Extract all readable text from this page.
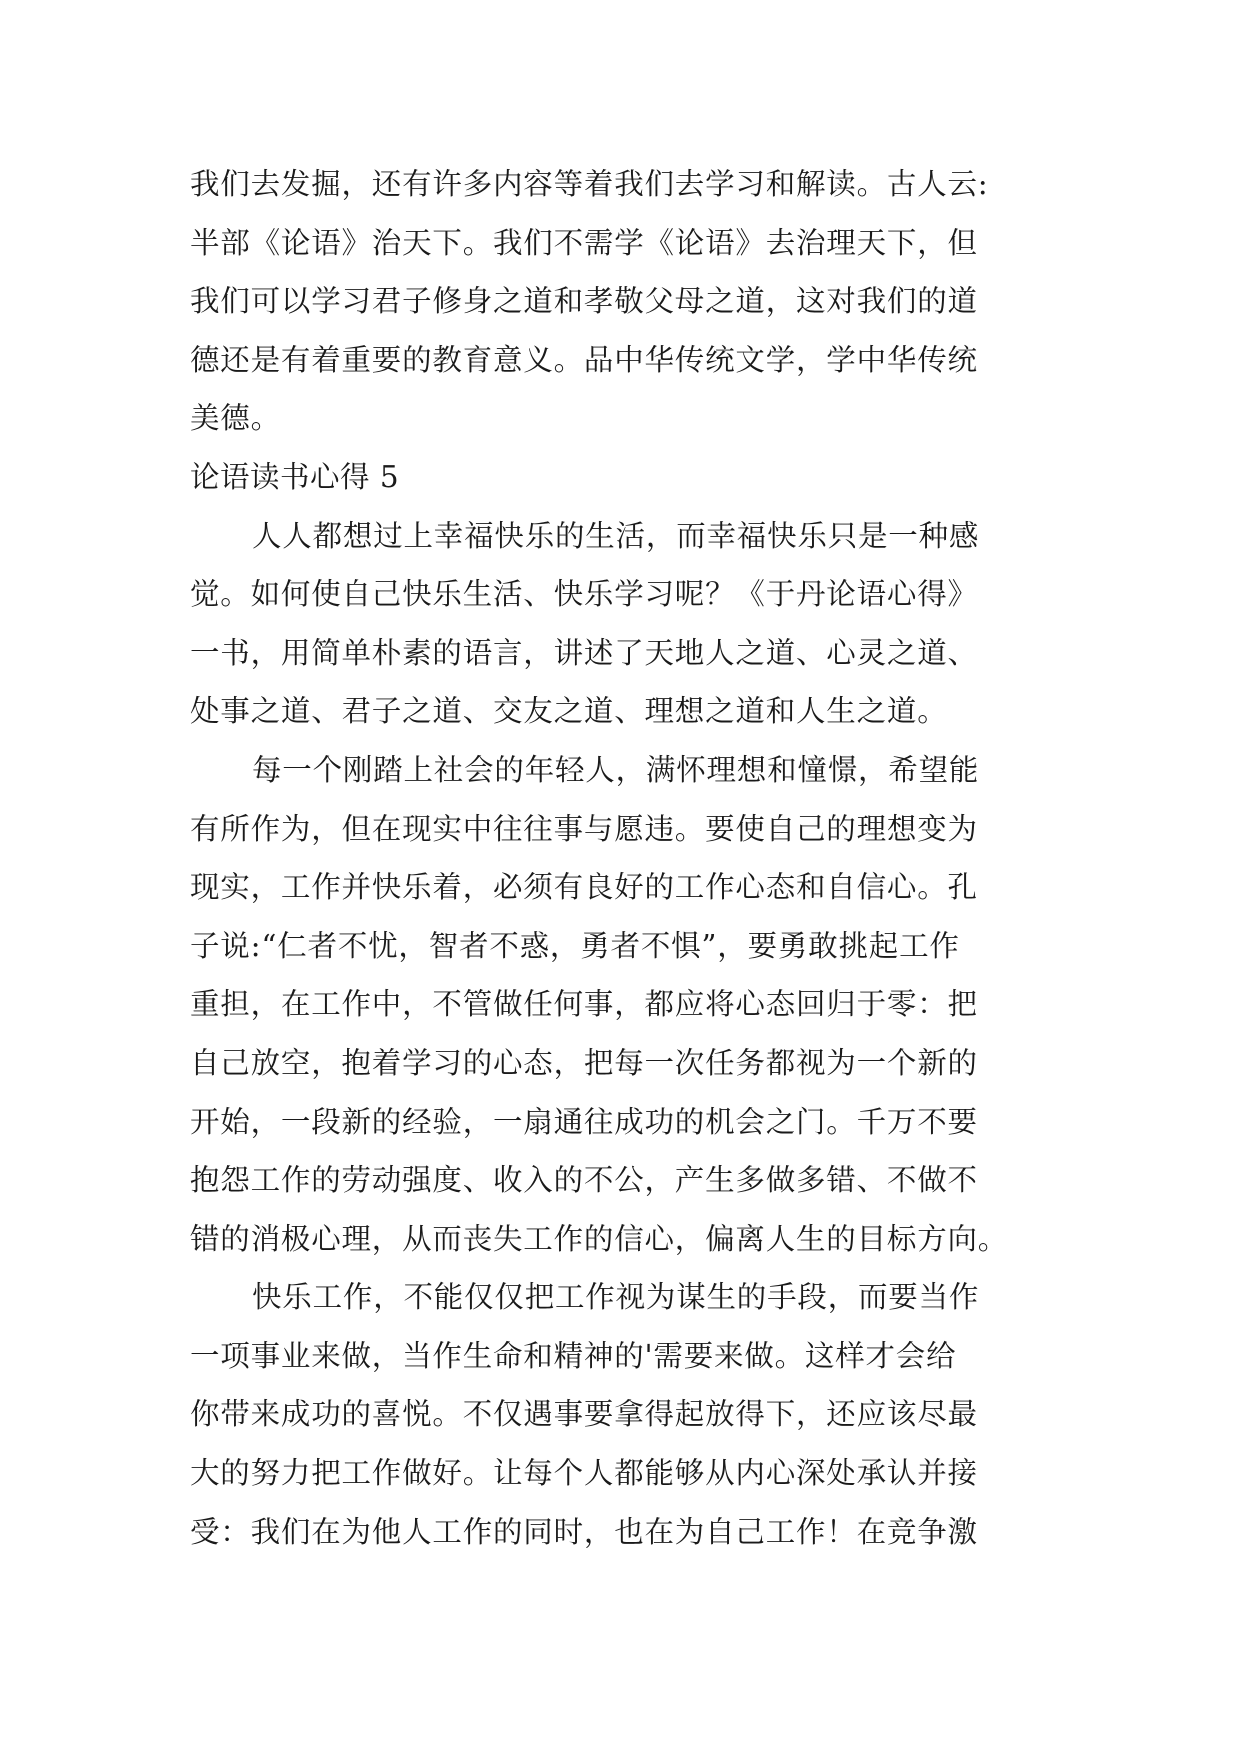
我们去发掘，还有许多内容等着我们去学习和解读。古人云:
半部《论语》治天下。我们不需学《论语》去治理天下，但
我们可以学习君子修身之道和孝敬父母之道，这对我们的道
德还是有着重要的教育意义。品中华传统文学，学中华传统
美德。
论语读书心得 5
人人都想过上幸福快乐的生活，而幸福快乐只是一种感
觉。如何使自己快乐生活、快乐学习呢？《于丹论语心得》
一书，用简单朴素的语言，讲述了天地人之道、心灵之道、
处事之道、君子之道、交友之道、理想之道和人生之道。
每一个刚踏上社会的年轻人，满怀理想和憧憬，希望能
有所作为，但在现实中往往事与愿违。要使自己的理想变为
现实，工作并快乐着，必须有良好的工作心态和自信心。孔
子说:“仁者不忧，智者不惑，勇者不惧”，要勇敢挑起工作
重担，在工作中，不管做任何事，都应将心态回归于零：把
自己放空，抱着学习的心态，把每一次任务都视为一个新的
开始，一段新的经验，一扇通往成功的机会之门。千万不要
抱怨工作的劳动强度、收入的不公，产生多做多错、不做不
错的消极心理，从而丧失工作的信心，偏离人生的目标方向。
快乐工作，不能仅仅把工作视为谋生的手段，而要当作
一项事业来做，当作生命和精神的'需要来做。这样才会给
你带来成功的喜悦。不仅遇事要拿得起放得下，还应该尽最
大的努力把工作做好。让每个人都能够从内心深处承认并接
受：我们在为他人工作的同时，也在为自己工作！在竞争激
